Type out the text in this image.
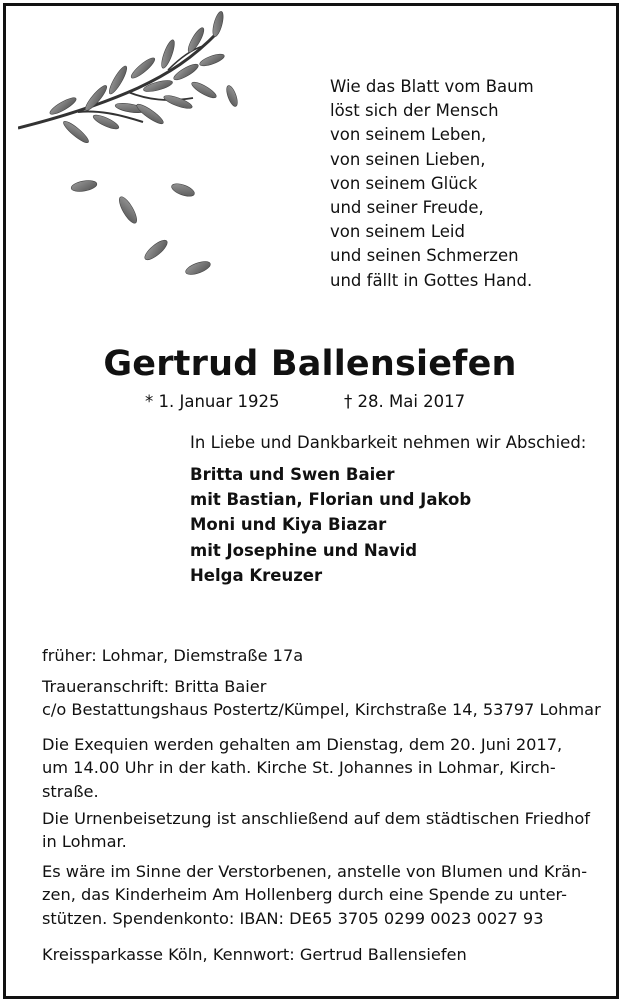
Wie das Blatt vom Baum
löst sich der Mensch
von seinem Leben,
von seinen Lieben,
von seinem Glück
und seiner Freude,
von seinem Leid
und seinen Schmerzen
und fällt in Gottes Hand.
Gertrud Ballensiefen
* 1. Januar 1925	† 28. Mai 2017
In Liebe und Dankbarkeit nehmen wir Abschied:
Britta und Swen Baier
mit Bastian, Florian und Jakob
Moni und Kiya Biazar
mit Josephine und Navid
Helga Kreuzer
früher: Lohmar, Diemstraße 17a
Traueranschrift: Britta Baier
c/o Bestattungshaus Postertz/Kümpel, Kirchstraße 14, 53797 Lohmar
Die Exequien werden gehalten am Dienstag, dem 20. Juni 2017,
um 14.00 Uhr in der kath. Kirche St. Johannes in Lohmar, Kirch-
straße.
Die Urnenbeisetzung ist anschließend auf dem städtischen Friedhof
in Lohmar.
Es wäre im Sinne der Verstorbenen, anstelle von Blumen und Krän-
zen, das Kinderheim Am Hollenberg durch eine Spende zu unter-
stützen. Spendenkonto: IBAN: DE65 3705 0299 0023 0027 93
Kreissparkasse Köln, Kennwort: Gertrud Ballensiefen
